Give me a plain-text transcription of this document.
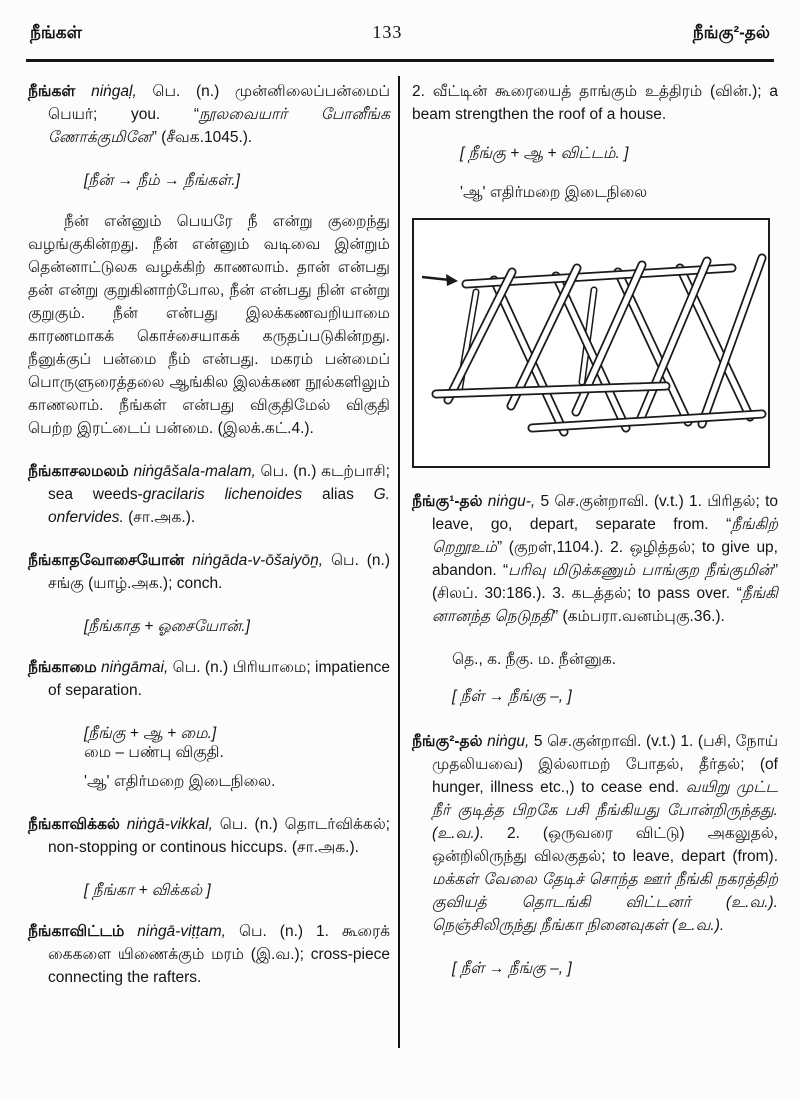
நீங்கள்	133	நீங்கு²-தல்

நீங்கள் niṅgaḷ, பெ. (n.) முன்னிலைப்பன்மைப் பெயர்; you. “நூலவையார் போனீங்க ணோக்குமினே” (சீவக.1045.).

[நீன் → நீம் → நீங்கள்.]

நீன் என்னும் பெயரே நீ என்று குறைந்து வழங்குகின்றது. நீன் என்னும் வடிவை இன்றும் தென்னாட்டுலக வழக்கிற் காணலாம். தான் என்பது தன் என்று குறுகினாற்போல, நீன் என்பது நின் என்று குறுகும். நீன் என்பது இலக்கணவறியாமை காரணமாகக் கொச்சையாகக் கருதப்படுகின்றது. நீனுக்குப் பன்மை நீம் என்பது. மகரம் பன்மைப் பொருளுரைத்தலை ஆங்கில இலக்கண நூல்களிலும் காணலாம். நீங்கள் என்பது விகுதிமேல் விகுதி பெற்ற இரட்டைப் பன்மை. (இலக்.கட்.4.).

நீங்காசலமலம் niṅgāšala-malam, பெ. (n.) கடற்பாசி; sea weeds-gracilaris lichenoides alias G. onfervides. (சா.அக.).

நீங்காதவோசையோன் niṅgāda-v-ōšaiyōṉ, பெ. (n.) சங்கு (யாழ்.அக.); conch.

[நீங்காத + ஓசையோன்.]

நீங்காமை niṅgāmai, பெ. (n.) பிரியாமை; impatience of separation.

[நீங்கு + ஆ + மை.]

மை – பண்பு விகுதி.

'ஆ' எதிர்மறை இடைநிலை.

நீங்காவிக்கல் niṅgā-vikkal, பெ. (n.) தொடர்விக்கல்; non-stopping or continous hiccups. (சா.அக.).

[ நீங்கா + விக்கல் ]

நீங்காவிட்டம் niṅgā-viṭṭam, பெ. (n.) 1. கூரைக் கைகளை யிணைக்கும் மரம் (இ.வ.); cross-piece connecting the rafters.

2. வீட்டின் கூரையைத் தாங்கும் உத்திரம் (வின்.); a beam strengthen the roof of a house.

[ நீங்கு + ஆ + விட்டம். ]

'ஆ' எதிர்மறை இடைநிலை

நீங்கு¹-தல் niṅgu-, 5 செ.குன்றாவி. (v.t.) 1. பிரிதல்; to leave, go, depart, separate from. “நீங்கிற் றெறூஉம்” (குறள்,1104.). 2. ஒழித்தல்; to give up, abandon. “பரிவு மிடுக்கணும் பாங்குற நீங்குமின்” (சிலப். 30:186.). 3. கடத்தல்; to pass over. “நீங்கி னானந்த நெடுநதி” (கம்பரா.வனம்புகு.36.).

தெ., க. நீகு. ம. நீன்னுக.

[ நீள் → நீங்கு –, ]

நீங்கு²-தல் niṅgu, 5 செ.குன்றாவி. (v.t.) 1. (பசி, நோய் முதலியவை) இல்லாமற் போதல், தீர்தல்; (of hunger, illness etc.,) to cease end. வயிறு முட்ட நீர் குடித்த பிறகே பசி நீங்கியது போன்றிருந்தது. (உ.வ.). 2. (ஒருவரை விட்டு) அகலுதல், ஒன்றிலிருந்து விலகுதல்; to leave, depart (from). மக்கள் வேலை தேடிச் சொந்த ஊர் நீங்கி நகரத்திற் குவியத் தொடங்கி விட்டனர் (உ.வ.). நெஞ்சிலிருந்து நீங்கா நினைவுகள் (உ.வ.).

[ நீள் → நீங்கு –, ]
